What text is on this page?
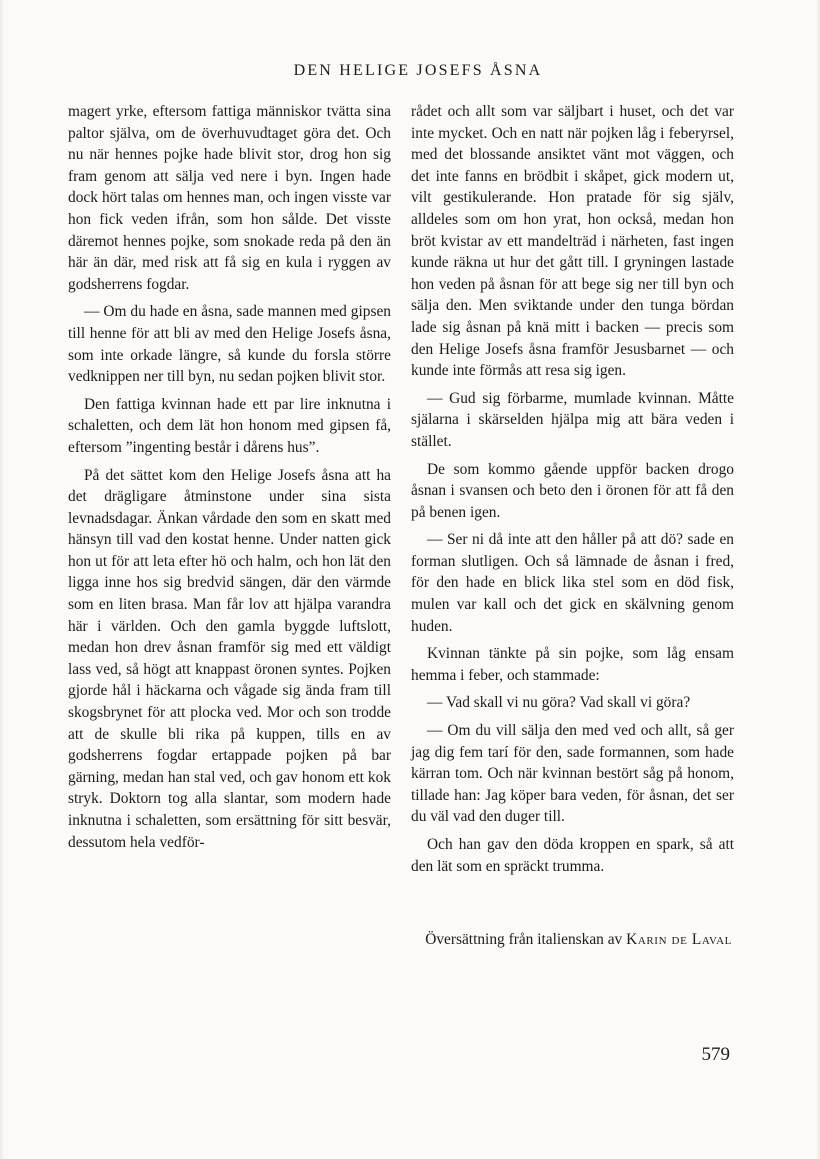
DEN HELIGE JOSEFS ÅSNA

magert yrke, eftersom fattiga människor tvätta sina paltor själva, om de överhuvudtaget göra det. Och nu när hennes pojke hade blivit stor, drog hon sig fram genom att sälja ved nere i byn. Ingen hade dock hört talas om hennes man, och ingen visste var hon fick veden ifrån, som hon sålde. Det visste däremot hennes pojke, som snokade reda på den än här än där, med risk att få sig en kula i ryggen av godsherrens fogdar.

— Om du hade en åsna, sade mannen med gipsen till henne för att bli av med den Helige Josefs åsna, som inte orkade längre, så kunde du forsla större vedknippen ner till byn, nu sedan pojken blivit stor.

Den fattiga kvinnan hade ett par lire inknutna i schaletten, och dem lät hon honom med gipsen få, eftersom ”ingenting består i dårens hus”.

På det sättet kom den Helige Josefs åsna att ha det drägligare åtminstone under sina sista levnadsdagar. Änkan vårdade den som en skatt med hänsyn till vad den kostat henne. Under natten gick hon ut för att leta efter hö och halm, och hon lät den ligga inne hos sig bredvid sängen, där den värmde som en liten brasa. Man får lov att hjälpa varandra här i världen. Och den gamla byggde luftslott, medan hon drev åsnan framför sig med ett väldigt lass ved, så högt att knappast öronen syntes. Pojken gjorde hål i häckarna och vågade sig ända fram till skogsbrynet för att plocka ved. Mor och son trodde att de skulle bli rika på kuppen, tills en av godsherrens fogdar ertappade pojken på bar gärning, medan han stal ved, och gav honom ett kok stryk. Doktorn tog alla slantar, som modern hade inknutna i schaletten, som ersättning för sitt besvär, dessutom hela vedför-

rådet och allt som var säljbart i huset, och det var inte mycket. Och en natt när pojken låg i feberyrsel, med det blossande ansiktet vänt mot väggen, och det inte fanns en brödbit i skåpet, gick modern ut, vilt gestikulerande. Hon pratade för sig själv, alldeles som om hon yrat, hon också, medan hon bröt kvistar av ett mandelträd i närheten, fast ingen kunde räkna ut hur det gått till. I gryningen lastade hon veden på åsnan för att bege sig ner till byn och sälja den. Men sviktande under den tunga bördan lade sig åsnan på knä mitt i backen — precis som den Helige Josefs åsna framför Jesusbarnet — och kunde inte förmås att resa sig igen.

— Gud sig förbarme, mumlade kvinnan. Måtte själarna i skärselden hjälpa mig att bära veden i stället.

De som kommo gående uppför backen drogo åsnan i svansen och beto den i öronen för att få den på benen igen.

— Ser ni då inte att den håller på att dö? sade en forman slutligen. Och så lämnade de åsnan i fred, för den hade en blick lika stel som en död fisk, mulen var kall och det gick en skälvning genom huden.

Kvinnan tänkte på sin pojke, som låg ensam hemma i feber, och stammade:

— Vad skall vi nu göra? Vad skall vi göra?

— Om du vill sälja den med ved och allt, så ger jag dig fem tarí för den, sade formannen, som hade kärran tom. Och när kvinnan bestört såg på honom, tillade han: Jag köper bara veden, för åsnan, det ser du väl vad den duger till.

Och han gav den döda kroppen en spark, så att den lät som en spräckt trumma.

Översättning från italienskan av Karin de Laval
579
